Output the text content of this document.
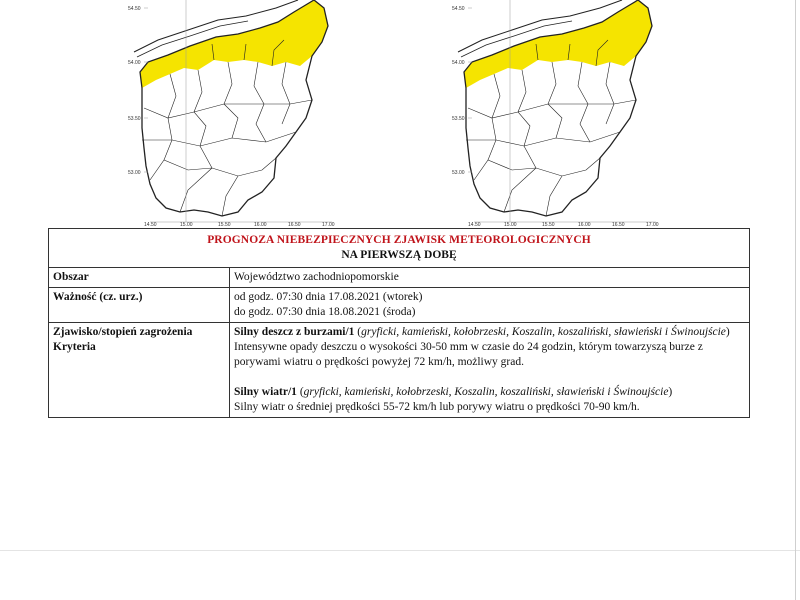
54.50
54.00
53.50
53.00
14.50	15.00	15.50	16.00	16.50	17.00
54.50
54.00
53.50
53.00
14.50	15.00	15.50	16.00	16.50	17.00
PROGNOZA NIEBEZPIECZNYCH ZJAWISK METEOROLOGICZNYCH
NA PIERWSZĄ DOBĘ	

Obszar	Województwo zachodniopomorskie
Ważność (cz. urz.)	od godz. 07:30 dnia 17.08.2021 (wtorek)
do godz. 07:30 dnia 18.08.2021 (środa)
Zjawisko/stopień zagrożenia
Kryteria	Silny deszcz z burzami/1 (gryficki, kamieński, kołobrzeski, Koszalin, koszaliński, sławieński i Świnoujście)
Intensywne opady deszczu o wysokości 30-50 mm w czasie do 24 godzin, którym towarzyszą burze z porywami wiatru o prędkości powyżej 72 km/h, możliwy grad.
Silny wiatr/1 (gryficki, kamieński, kołobrzeski, Koszalin, koszaliński, sławieński i Świnoujście)
Silny wiatr o średniej prędkości 55-72 km/h lub porywy wiatru o prędkości 70-90 km/h.
